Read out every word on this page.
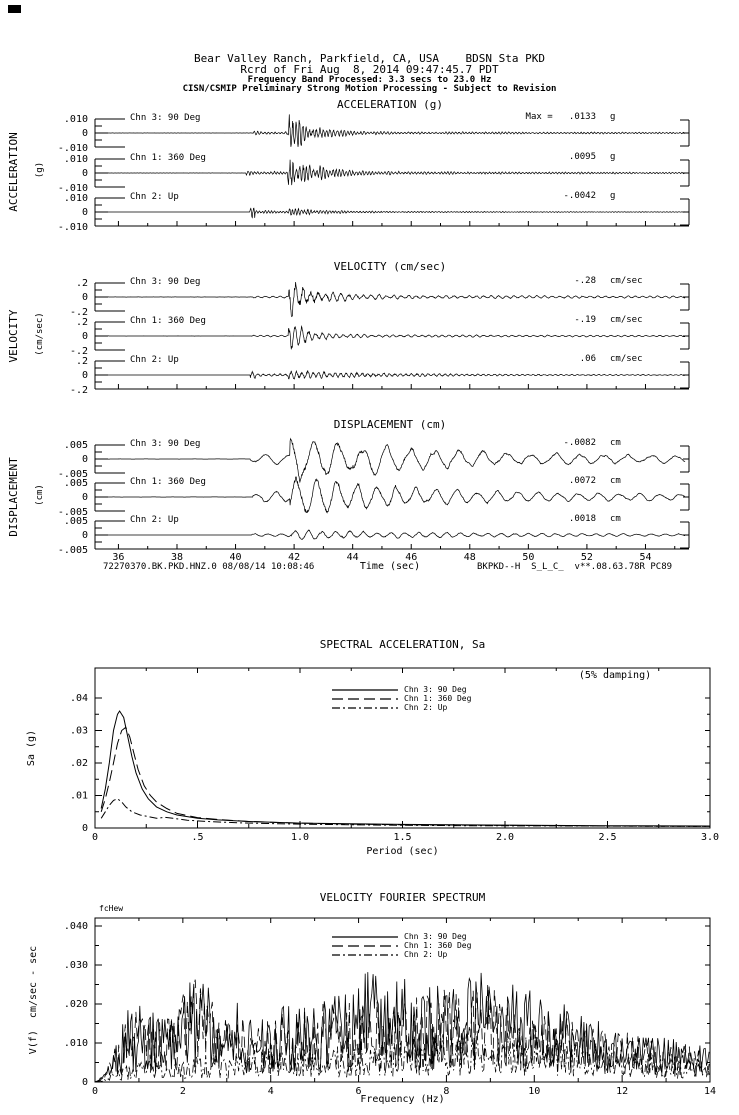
.010
0
-.010
.010
0
-.010
.010
0
-.010
.2
0
-.2
.2
0
-.2
.2
0
-.2
.005
0
-.005
.005
0
-.005
.005
0
-.005
36	38	40	42	44	46	48	50	52	54
0
.01
.02
.03
.04
0	.5	1.0	1.5	2.0	2.5	3.0
0
.010
.020
.030
.040
0	2	4	6	8	10	12	14
Bear Valley Ranch, Parkfield, CA, USA    BDSN Sta PKD
Rcrd of Fri Aug  8, 2014 09:47:45.7 PDT
Frequency Band Processed: 3.3 secs to 23.0 Hz
CISN/CSMIP Preliminary Strong Motion Processing - Subject to Revision
ACCELERATION (g)
VELOCITY (cm/sec)
DISPLACEMENT (cm)
ACCELERATION (g)
VELOCITY (cm/sec)
DISPLACEMENT (cm)
Chn 3: 90 Deg
Chn 1: 360 Deg
Chn 2: Up
Chn 3: 90 Deg
Chn 1: 360 Deg
Chn 2: Up
Chn 3: 90 Deg
Chn 1: 360 Deg
Chn 2: Up
Max =   .0133 g
.0095 g
-.0042 g
-.28 cm/sec
-.19 cm/sec
.06 cm/sec
-.0082 cm
.0072 cm
.0018 cm
Time (sec)
72270370.BK.PKD.HNZ.0 08/08/14 10:08:46	BKPKD--H  S_L_C_  v**.08.63.78R PC89
SPECTRAL ACCELERATION, Sa
(5% damping)
Sa (g)
Period (sec)
Chn 3: 90 Deg
Chn 1: 360 Deg
Chn 2: Up
VELOCITY FOURIER SPECTRUM
fcHew
V(f)  cm/sec - sec
Frequency (Hz)
Chn 3: 90 Deg
Chn 1: 360 Deg
Chn 2: Up
